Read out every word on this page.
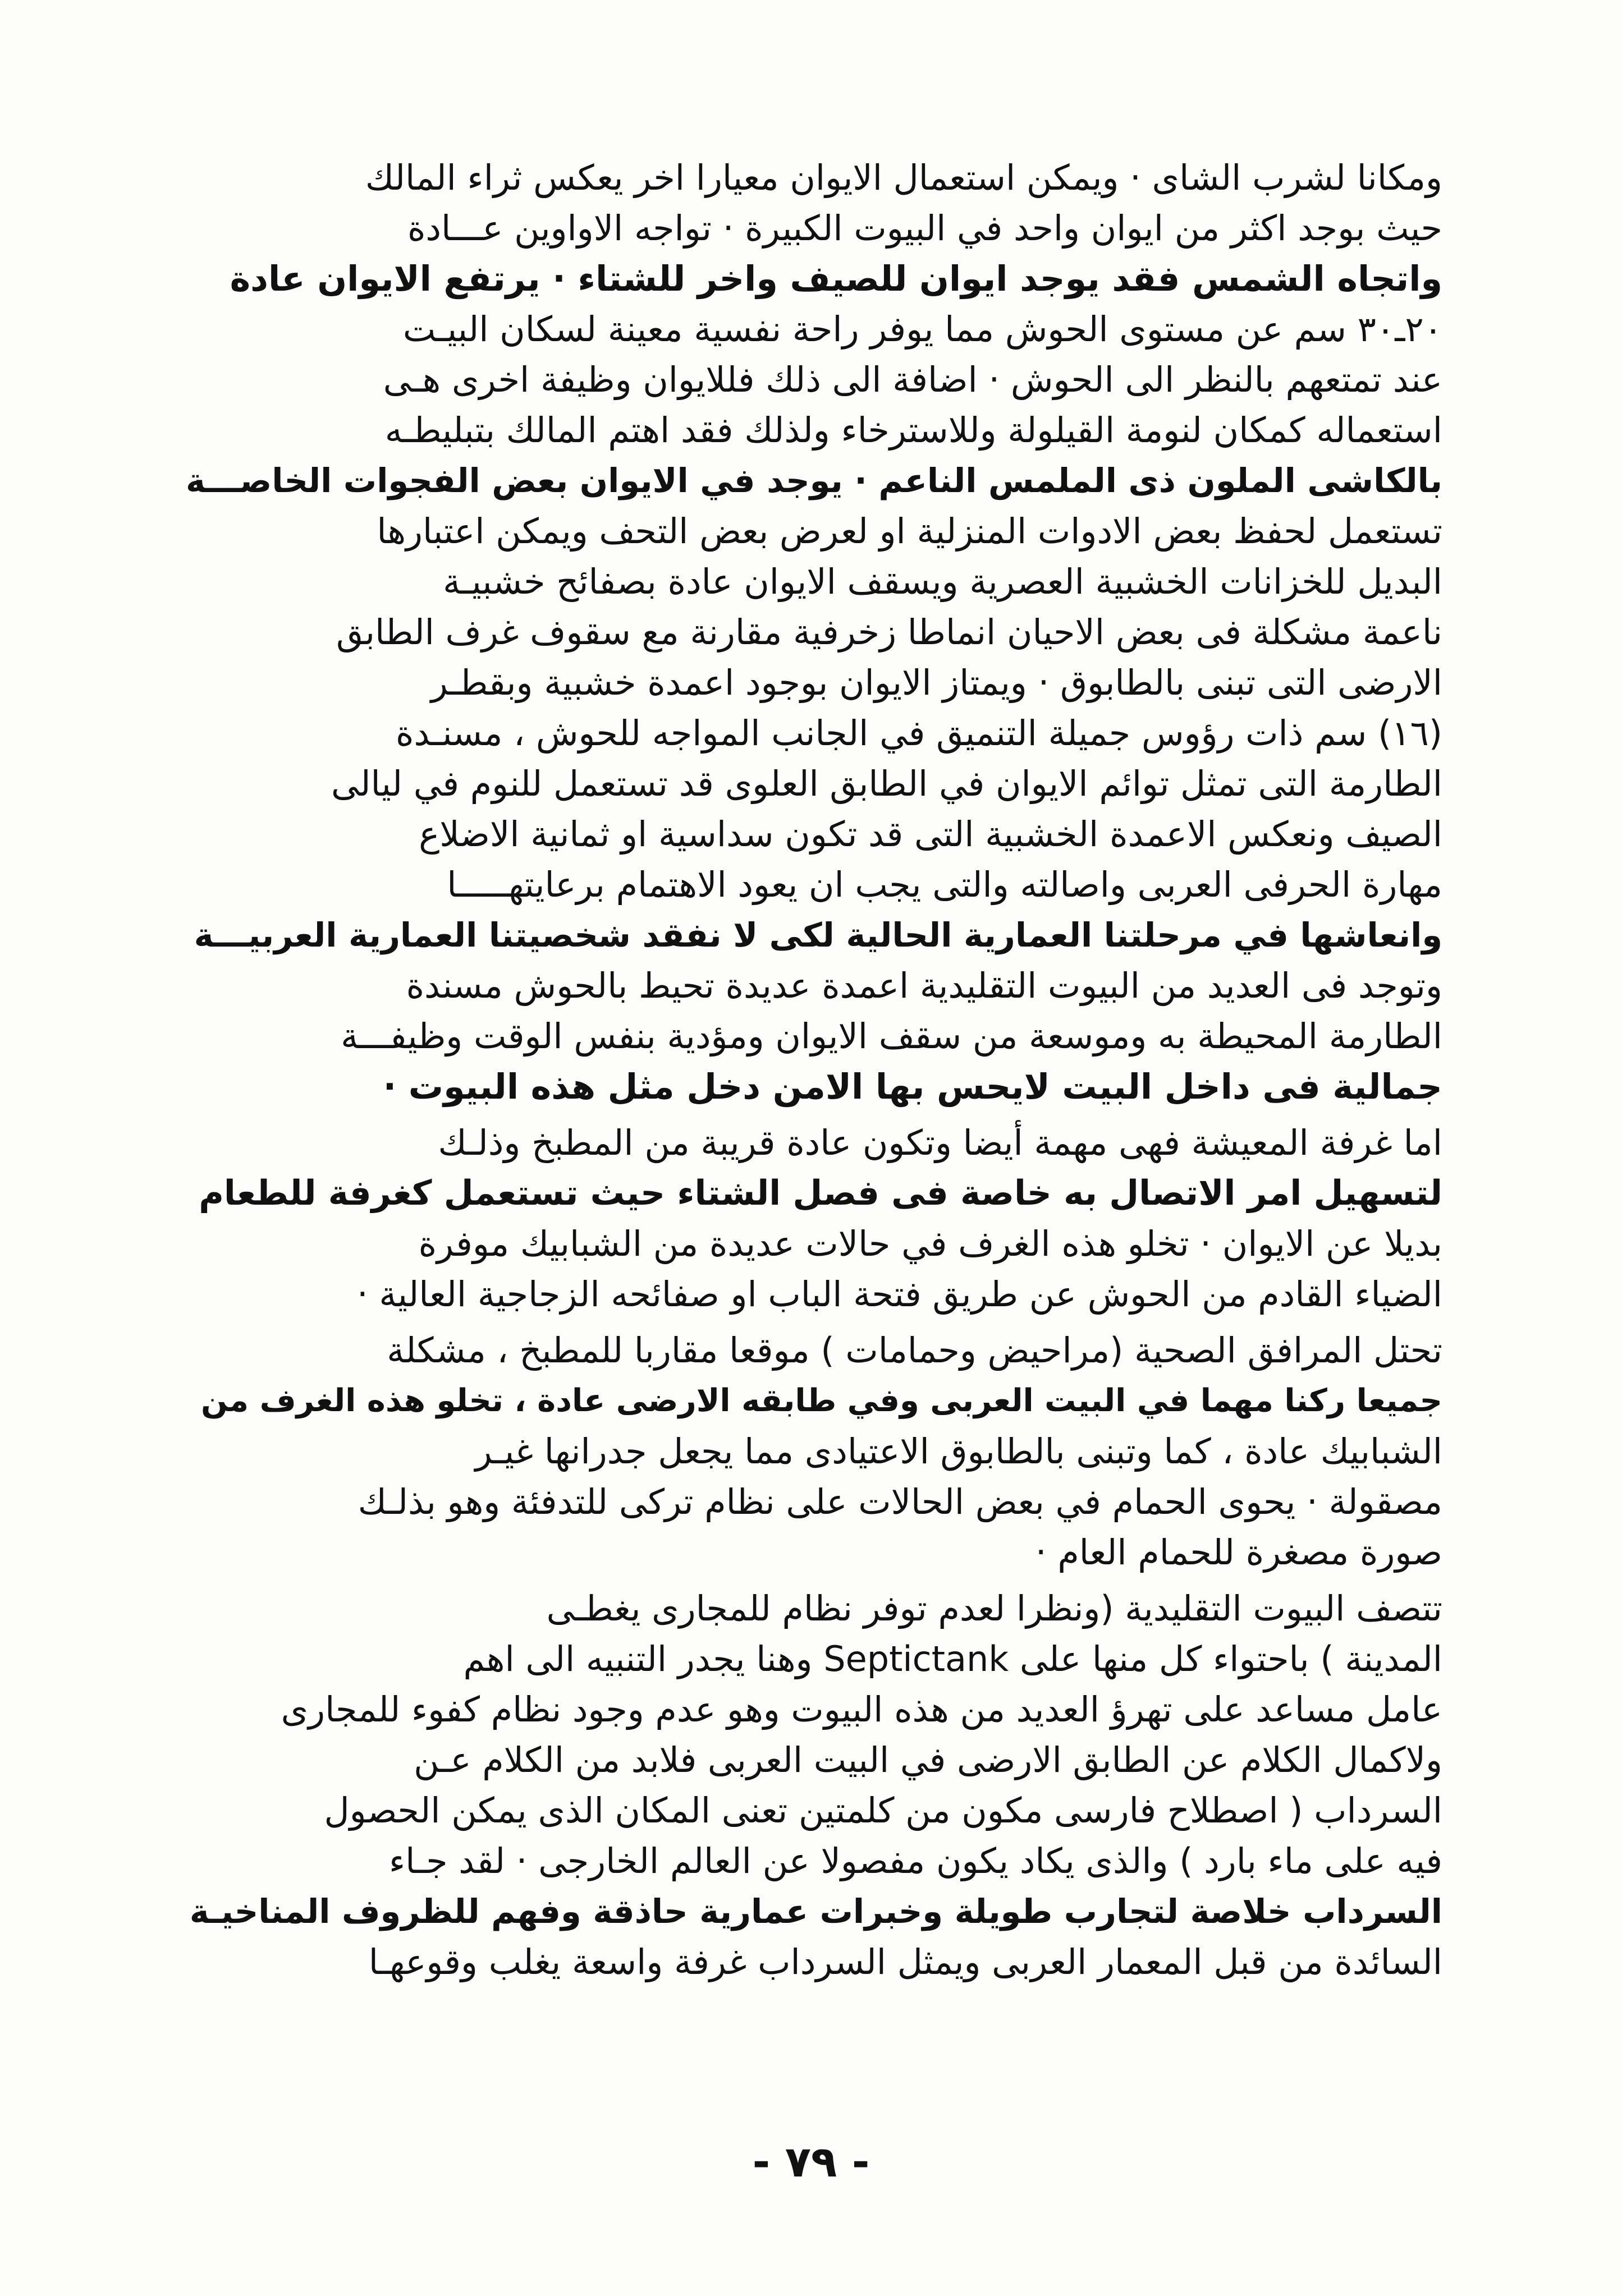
ومكانا لشرب الشاى · ويمكن استعمال الايوان معيارا اخر يعكس ثراء المالك
حيث بوجد اكثر من ايوان واحد في البيوت الكبيرة · تواجه الاواوين عـــادة
واتجاه الشمس فقد يوجد ايوان للصيف واخر للشتاء · يرتفع الايوان عادة
٢٠ـ٣٠ سم عن مستوى الحوش مما يوفر راحة نفسية معينة لسكان البيـت
عند تمتعهم بالنظر الى الحوش · اضافة الى ذلك فللايوان وظيفة اخرى هـى
استعماله كمكان لنومة القيلولة وللاسترخاء ولذلك فقد اهتم المالك بتبليطـه
بالكاشى الملون ذى الملمس الناعم · يوجد في الايوان بعض الفجوات الخاصـــة
تستعمل لحفظ بعض الادوات المنزلية او لعرض بعض التحف ويمكن اعتبارها
البديل للخزانات الخشبية العصرية ويسقف الايوان عادة بصفائح خشبيـة
ناعمة مشكلة فى بعض الاحيان انماطا زخرفية مقارنة مع سقوف غرف الطابق
الارضى التى تبنى بالطابوق · ويمتاز الايوان بوجود اعمدة خشبية وبقطـر
(١٦) سم ذات رؤوس جميلة التنميق في الجانب المواجه للحوش ، مسنـدة
الطارمة التى تمثل توائم الايوان في الطابق العلوى قد تستعمل للنوم في ليالى
الصيف ونعكس الاعمدة الخشبية التى قد تكون سداسية او ثمانية الاضلاع
مهارة الحرفى العربى واصالته والتى يجب ان يعود الاهتمام برعايتهـــــا
وانعاشها في مرحلتنا العمارية الحالية لكى لا نفقد شخصيتنا العمارية العربيـــة
وتوجد فى العديد من البيوت التقليدية اعمدة عديدة تحيط بالحوش مسندة
الطارمة المحيطة به وموسعة من سقف الايوان ومؤدية بنفس الوقت وظيفـــة
جمالية فى داخل البيت لايحس بها الامن دخل مثل هذه البيوت ·
اما غرفة المعيشة فهى مهمة أيضا وتكون عادة قريبة من المطبخ وذلـك
لتسهيل امر الاتصال به خاصة فى فصل الشتاء حيث تستعمل كغرفة للطعام
بديلا عن الايوان · تخلو هذه الغرف في حالات عديدة من الشبابيك موفرة
الضياء القادم من الحوش عن طريق فتحة الباب او صفائحه الزجاجية العالية ·
تحتل المرافق الصحية (مراحيض وحمامات ) موقعا مقاربا للمطبخ ، مشكلة
جميعا ركنا مهما في البيت العربى وفي طابقه الارضى عادة ، تخلو هذه الغرف من
الشبابيك عادة ، كما وتبنى بالطابوق الاعتيادى مما يجعل جدرانها غيـر
مصقولة · يحوى الحمام في بعض الحالات على نظام تركى للتدفئة وهو بذلـك
صورة مصغرة للحمام العام ·
تتصف البيوت التقليدية (ونظرا لعدم توفر نظام للمجارى يغطـى
المدينة ) باحتواء كل منها على Septictank وهنا يجدر التنبيه الى اهم
عامل مساعد على تهرؤ العديد من هذه البيوت وهو عدم وجود نظام كفوء للمجارى
ولاكمال الكلام عن الطابق الارضى في البيت العربى فلابد من الكلام عـن
السرداب ( اصطلاح فارسى مكون من كلمتين تعنى المكان الذى يمكن الحصول
فيه على ماء بارد ) والذى يكاد يكون مفصولا عن العالم الخارجى · لقد جـاء
السرداب خلاصة لتجارب طويلة وخبرات عمارية حاذقة وفهم للظروف المناخيـة
السائدة من قبل المعمار العربى ويمثل السرداب غرفة واسعة يغلب وقوعهـا
- ٧٩ -
